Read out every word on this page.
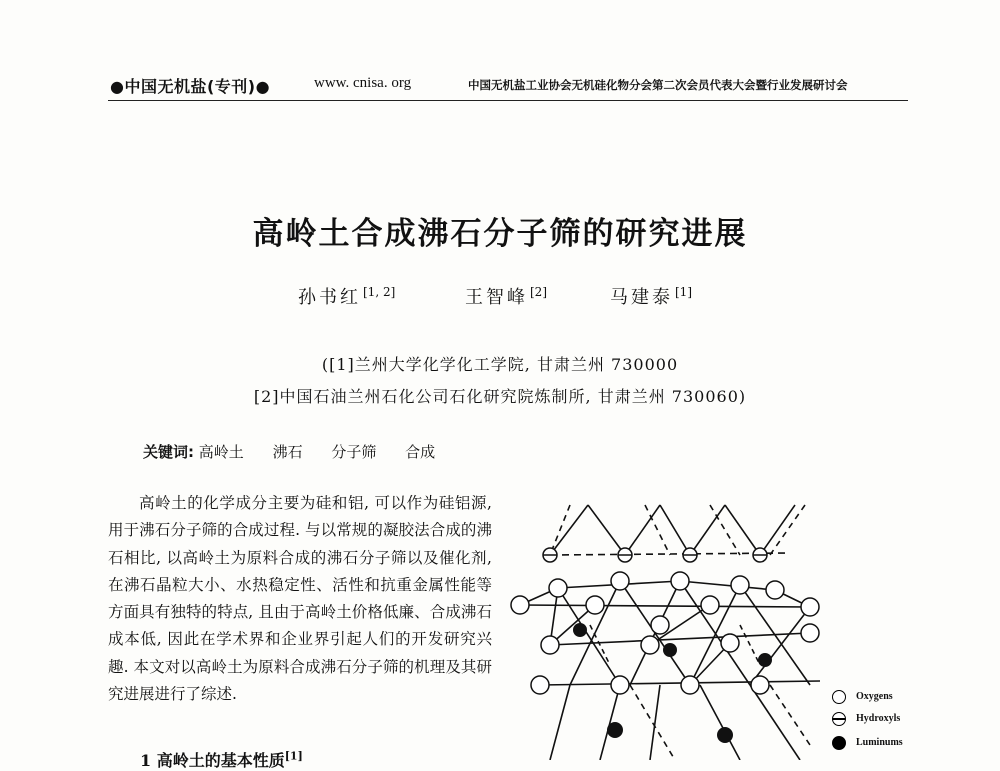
●中国无机盐(专刊)●	www. cnisa. org	中国无机盐工业协会无机硅化物分会第二次会员代表大会暨行业发展研讨会
高岭土合成沸石分子筛的研究进展
孙书红 [1, 2]	王智峰 [2]	马建泰 [1]
([1]兰州大学化学化工学院, 甘肃兰州 730000
[2]中国石油兰州石化公司石化研究院炼制所, 甘肃兰州 730060)
关键词: 高岭土 沸石 分子筛 合成

高岭土的化学成分主要为硅和铝, 可以作为硅铝源, 用于沸石分子筛的合成过程. 与以常规的凝胶法合成的沸石相比, 以高岭土为原料合成的沸石分子筛以及催化剂, 在沸石晶粒大小、水热稳定性、活性和抗重金属性能等方面具有独特的特点, 且由于高岭土价格低廉、合成沸石成本低, 因此在学术界和企业界引起人们的开发研究兴趣. 本文对以高岭土为原料合成沸石分子筛的机理及其研究进展进行了综述.

1 高岭土的基本性质[1]
Oxygens
Hydroxyls
Luminums
